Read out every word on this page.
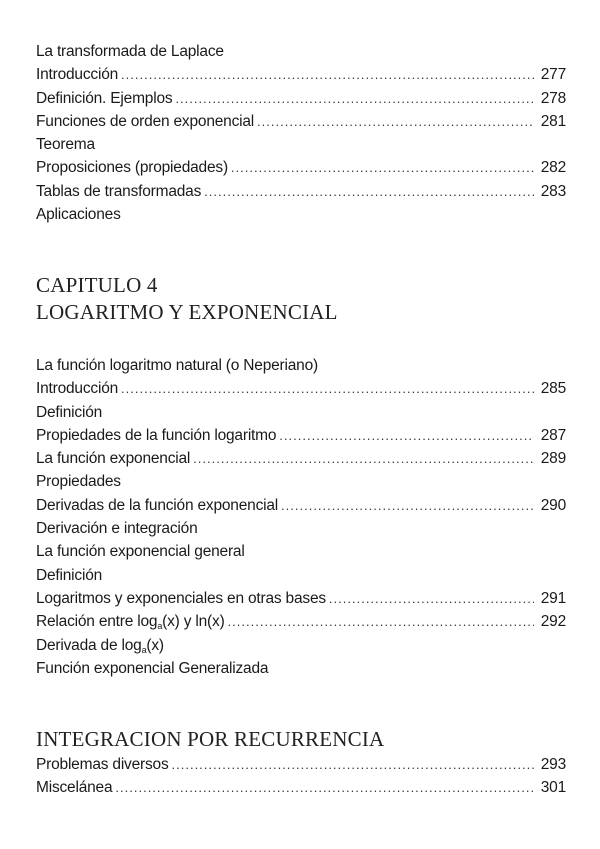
La transformada de Laplace
Introducción .....	277
Definición. Ejemplos .....	278
Funciones de orden exponencial .....	281
Teorema
Proposiciones (propiedades) .....	282
Tablas de transformadas .....	283
Aplicaciones
CAPITULO 4
LOGARITMO Y EXPONENCIAL
La función logaritmo natural (o Neperiano)
Introducción .....	285
Definición
Propiedades de la función logaritmo .....	287
La función exponencial .....	289
Propiedades
Derivadas de la función exponencial .....	290
Derivación e integración
La función exponencial general
Definición
Logaritmos y exponenciales en otras bases .....	291
Relación entre $\log_a(x)$ y ln(x) .....	292
Derivada de $\log_a(x)$
Función exponencial Generalizada
INTEGRACION POR RECURRENCIA
Problemas diversos .....	293
Miscelánea .....	301
